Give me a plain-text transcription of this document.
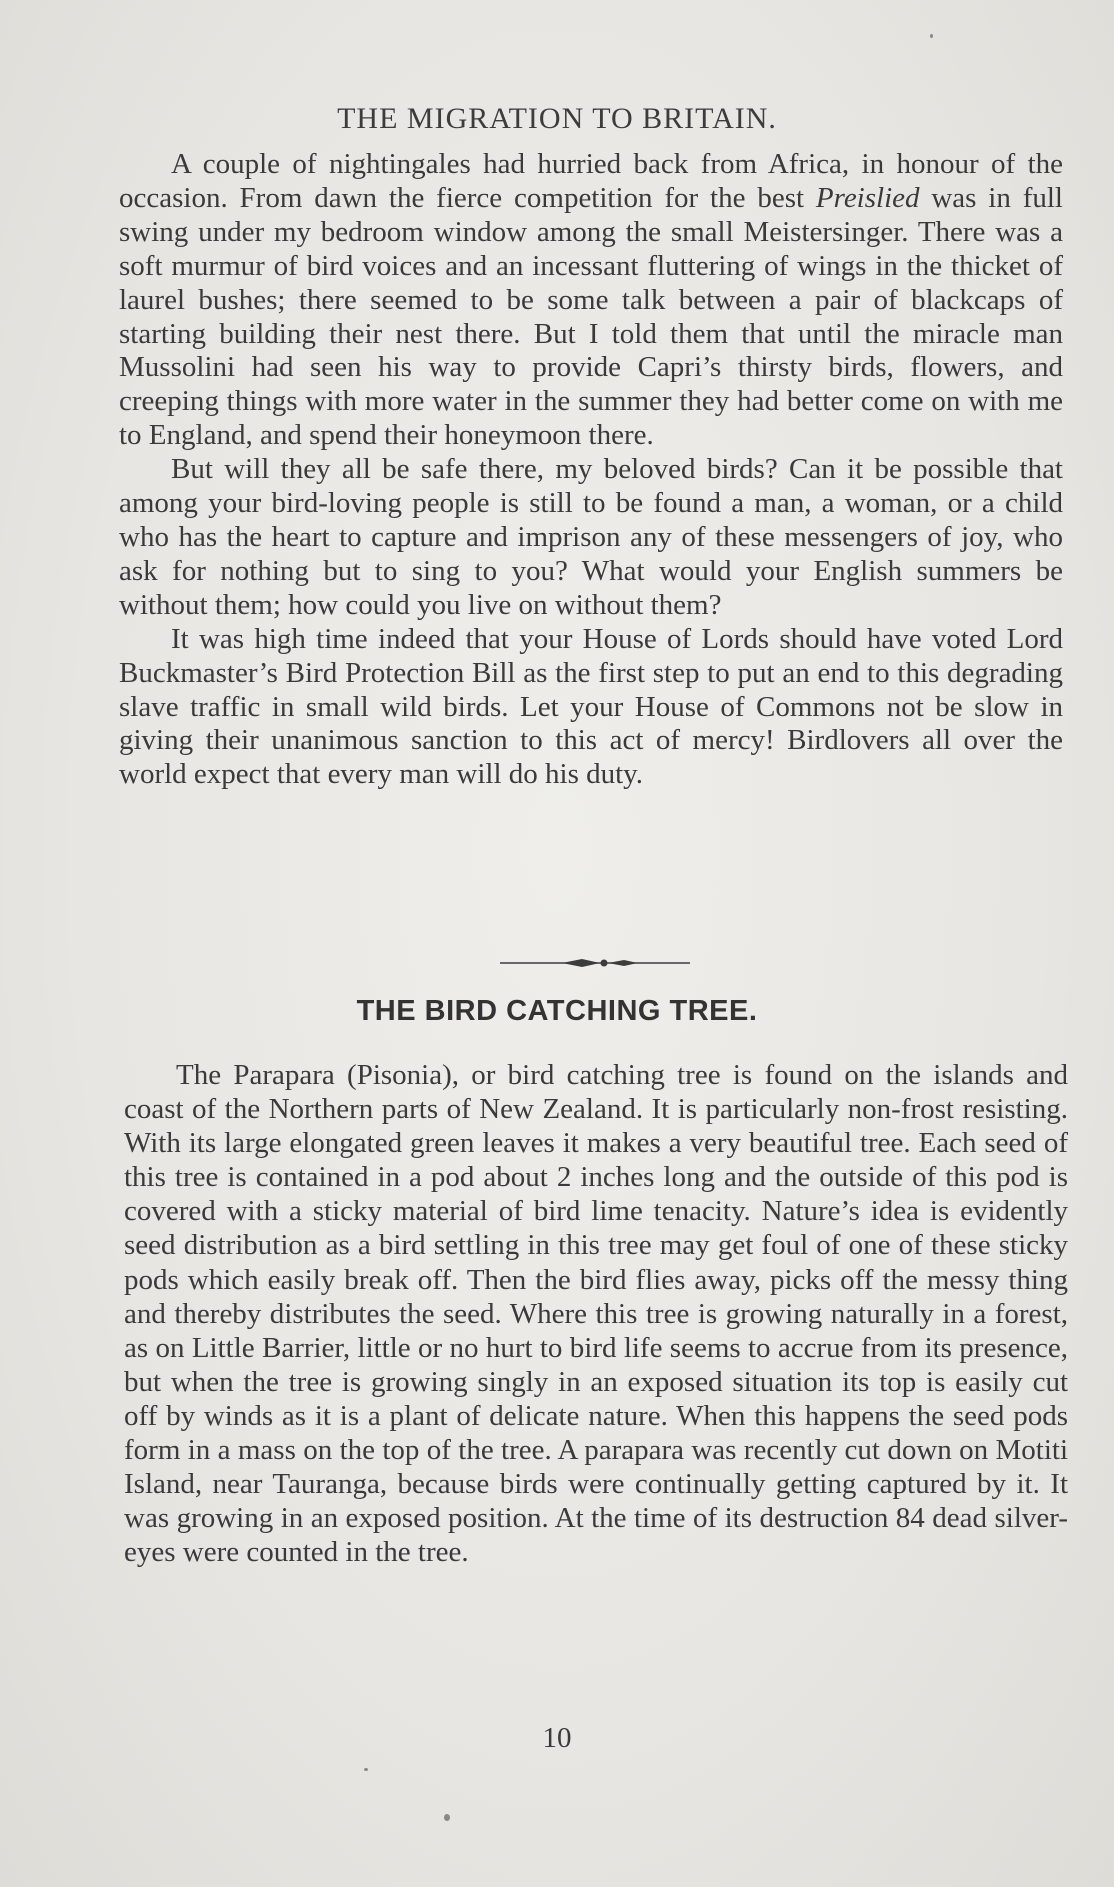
THE MIGRATION TO BRITAIN.

A couple of nightingales had hurried back from Africa, in honour of the occasion. From dawn the fierce competition for the best Preislied was in full swing under my bedroom window among the small Meistersinger. There was a soft murmur of bird voices and an incessant fluttering of wings in the thicket of laurel bushes; there seemed to be some talk between a pair of blackcaps of starting building their nest there. But I told them that until the miracle man Mussolini had seen his way to provide Capri’s thirsty birds, flowers, and creeping things with more water in the summer they had better come on with me to England, and spend their honeymoon there.

But will they all be safe there, my beloved birds? Can it be possible that among your bird-loving people is still to be found a man, a woman, or a child who has the heart to capture and imprison any of these messengers of joy, who ask for nothing but to sing to you? What would your English summers be without them; how could you live on without them?

It was high time indeed that your House of Lords should have voted Lord Buckmaster’s Bird Protection Bill as the first step to put an end to this degrading slave traffic in small wild birds. Let your House of Commons not be slow in giving their unanimous sanction to this act of mercy! Birdlovers all over the world expect that every man will do his duty.

THE BIRD CATCHING TREE.

The Parapara (Pisonia), or bird catching tree is found on the islands and coast of the Northern parts of New Zealand. It is particularly non-frost resisting. With its large elongated green leaves it makes a very beautiful tree. Each seed of this tree is contained in a pod about 2 inches long and the outside of this pod is covered with a sticky material of bird lime tenacity. Nature’s idea is evidently seed distribution as a bird settling in this tree may get foul of one of these sticky pods which easily break off. Then the bird flies away, picks off the messy thing and thereby distributes the seed. Where this tree is growing naturally in a forest, as on Little Barrier, little or no hurt to bird life seems to accrue from its presence, but when the tree is growing singly in an exposed situation its top is easily cut off by winds as it is a plant of delicate nature. When this happens the seed pods form in a mass on the top of the tree. A parapara was recently cut down on Motiti Island, near Tauranga, because birds were continually getting captured by it. It was growing in an exposed position. At the time of its destruction 84 dead silver-eyes were counted in the tree.

10
